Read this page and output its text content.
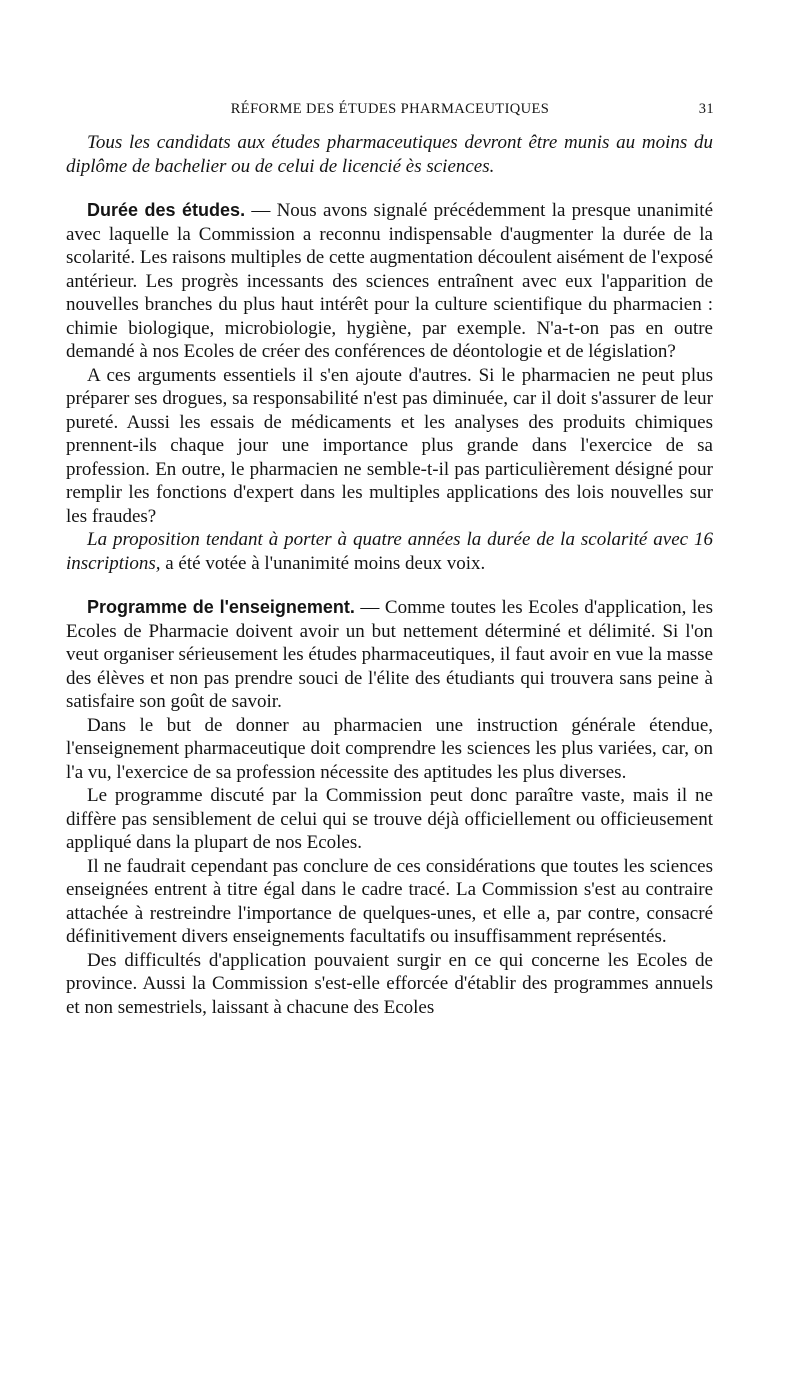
RÉFORME DES ÉTUDES PHARMACEUTIQUES	31

Tous les candidats aux études pharmaceutiques devront être munis au moins du diplôme de bachelier ou de celui de licencié ès sciences.

Durée des études. — Nous avons signalé précédemment la presque unanimité avec laquelle la Commission a reconnu indispensable d'augmenter la durée de la scolarité. Les raisons multiples de cette augmentation découlent aisément de l'exposé antérieur. Les progrès incessants des sciences entraînent avec eux l'apparition de nouvelles branches du plus haut intérêt pour la culture scientifique du pharmacien : chimie biologique, microbiologie, hygiène, par exemple. N'a-t-on pas en outre demandé à nos Ecoles de créer des conférences de déontologie et de législation?

A ces arguments essentiels il s'en ajoute d'autres. Si le pharmacien ne peut plus préparer ses drogues, sa responsabilité n'est pas diminuée, car il doit s'assurer de leur pureté. Aussi les essais de médicaments et les analyses des produits chimiques prennent-ils chaque jour une importance plus grande dans l'exercice de sa profession. En outre, le pharmacien ne semble-t-il pas particulièrement désigné pour remplir les fonctions d'expert dans les multiples applications des lois nouvelles sur les fraudes?

La proposition tendant à porter à quatre années la durée de la scolarité avec 16 inscriptions, a été votée à l'unanimité moins deux voix.

Programme de l'enseignement. — Comme toutes les Ecoles d'application, les Ecoles de Pharmacie doivent avoir un but nettement déterminé et délimité. Si l'on veut organiser sérieusement les études pharmaceutiques, il faut avoir en vue la masse des élèves et non pas prendre souci de l'élite des étudiants qui trouvera sans peine à satisfaire son goût de savoir.

Dans le but de donner au pharmacien une instruction générale étendue, l'enseignement pharmaceutique doit comprendre les sciences les plus variées, car, on l'a vu, l'exercice de sa profession nécessite des aptitudes les plus diverses.

Le programme discuté par la Commission peut donc paraître vaste, mais il ne diffère pas sensiblement de celui qui se trouve déjà officiellement ou officieusement appliqué dans la plupart de nos Ecoles.

Il ne faudrait cependant pas conclure de ces considérations que toutes les sciences enseignées entrent à titre égal dans le cadre tracé. La Commission s'est au contraire attachée à restreindre l'importance de quelques-unes, et elle a, par contre, consacré définitivement divers enseignements facultatifs ou insuffisamment représentés.

Des difficultés d'application pouvaient surgir en ce qui concerne les Ecoles de province. Aussi la Commission s'est-elle efforcée d'établir des programmes annuels et non semestriels, laissant à chacune des Ecoles
